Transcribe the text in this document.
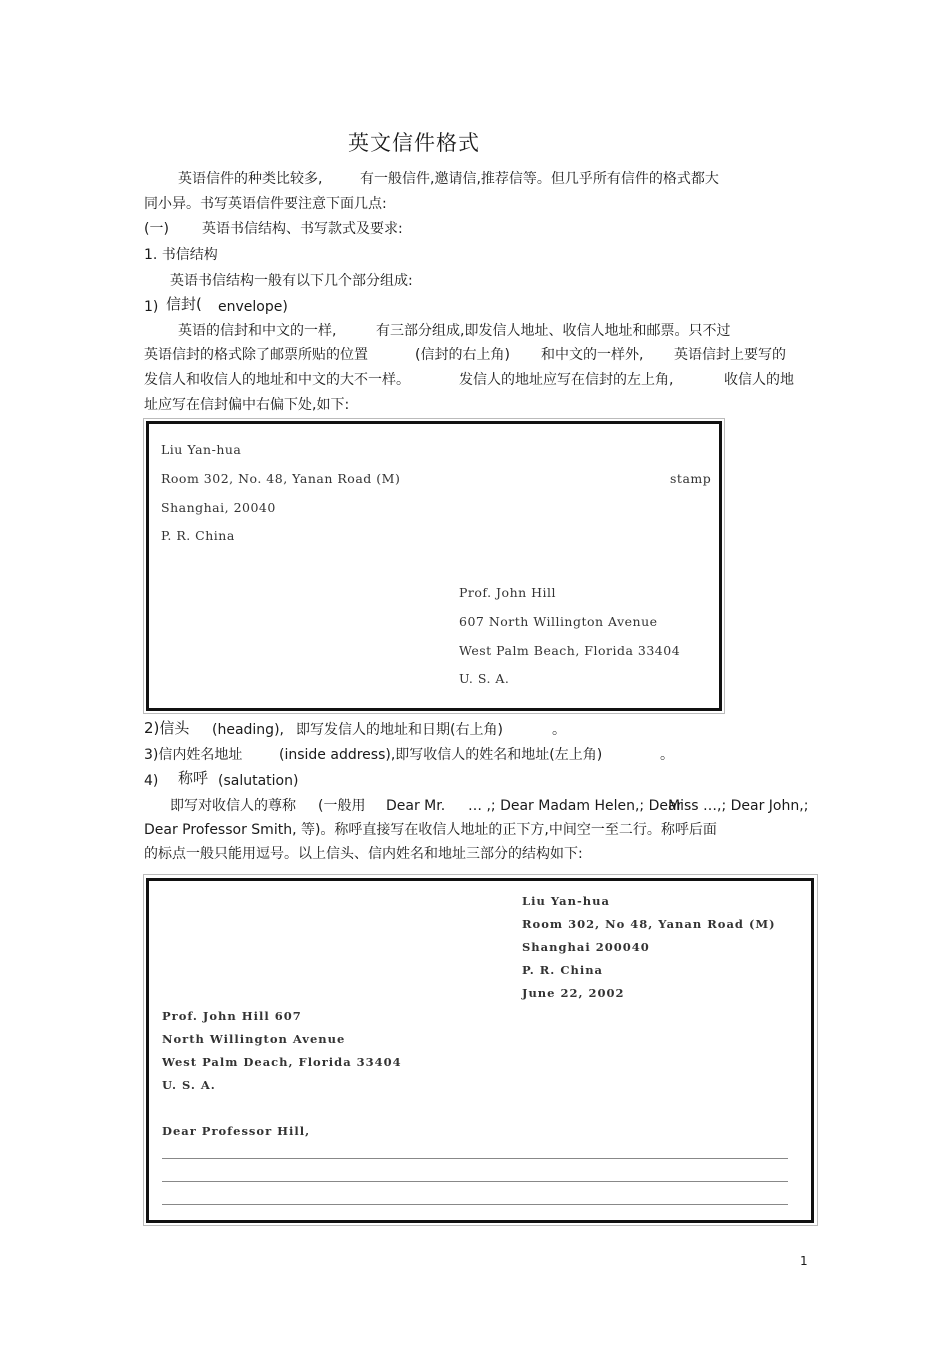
英文信件格式
英语信件的种类比较多,	有一般信件,邀请信,推荐信等。但几乎所有信件的格式都大
同小异。书写英语信件要注意下面几点:
(一) 英语书信结构、书写款式及要求:
1. 书信结构
英语书信结构一般有以下几个部分组成:
1) 信封( envelope)
英语的信封和中文的一样,	有三部分组成,即发信人地址、收信人地址和邮票。只不过
英语信封的格式除了邮票所贴的位置	(信封的右上角) 和中文的一样外, 英语信封上要写的
发信人和收信人的地址和中文的大不一样。	发信人的地址应写在信封的左上角,	收信人的地
址应写在信封偏中右偏下处,如下:
Liu Yan-hua
Room 302, No. 48, Yanan Road (M)
Shanghai, 20040
P. R. China
stamp
Prof. John Hill
607 North Willington Avenue
West Palm Beach, Florida 33404
U. S. A.
2)信头 (heading), 即写发信人的地址和日期(右上角)	。
3)信内姓名地址	(inside address),即写收信人的姓名和地址(左上角)	。
4) 称呼 (salutation)
即写对收信人的尊称 (一般用 Dear Mr. … ,; Dear Madam Helen,; Dear
Miss …,; Dear John,;
Dear Professor Smith, 等)。称呼直接写在收信人地址的正下方,中间空一至二行。称呼后面
的标点一般只能用逗号。以上信头、信内姓名和地址三部分的结构如下:
Liu Yan-hua
Room 302, No 48, Yanan Road (M)
Shanghai 200040
P. R. China
June 22, 2002
Prof. John Hill 607
North Willington Avenue
West Palm Deach, Florida 33404
U. S. A.
Dear Professor Hill,
1
